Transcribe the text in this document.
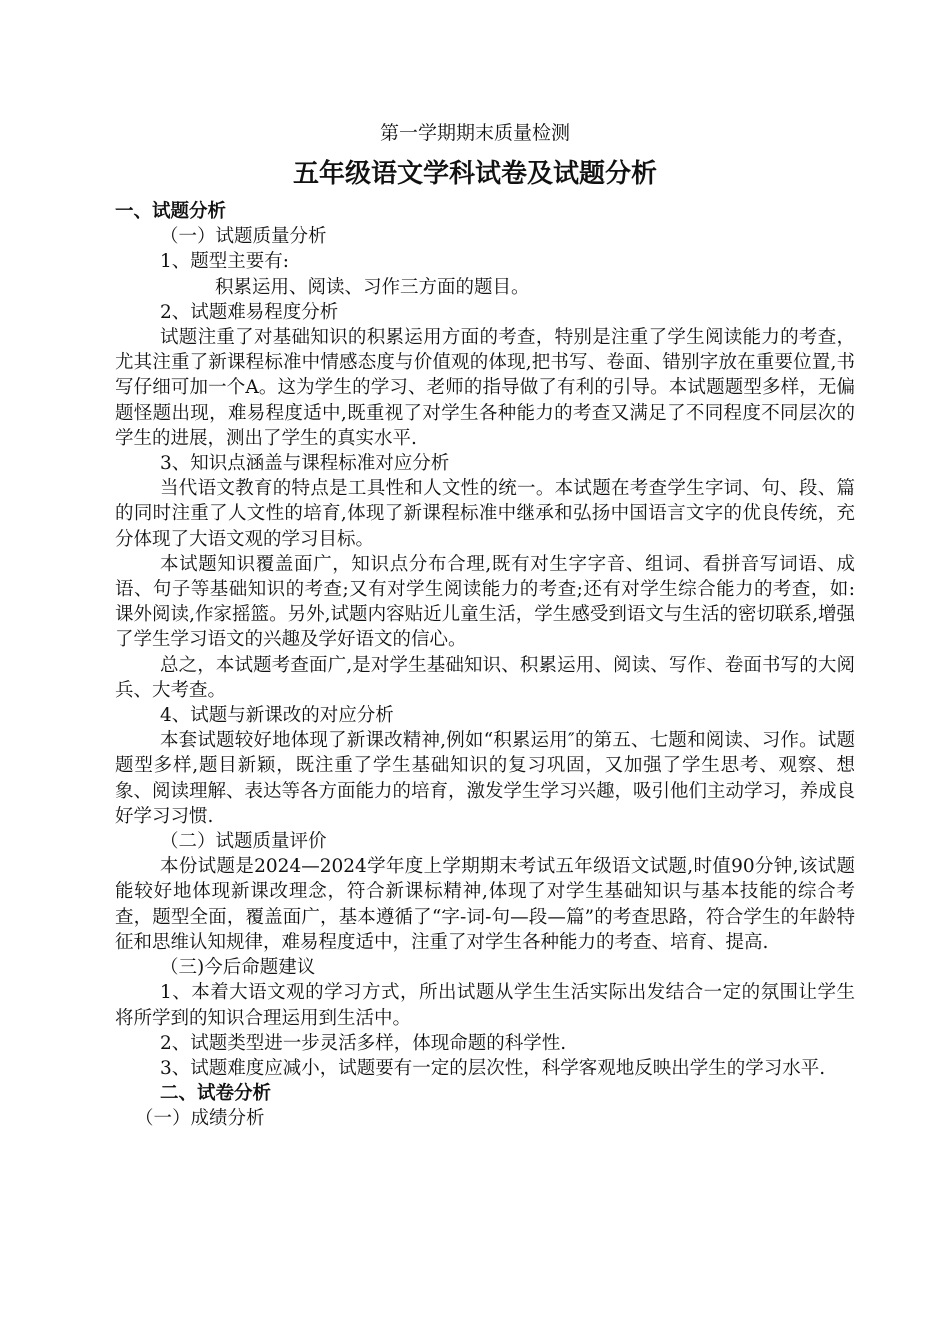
第一学期期末质量检测
五年级语文学科试卷及试题分析

一、试题分析

（一）试题质量分析

1、题型主要有:

积累运用、阅读、习作三方面的题目。

2、试题难易程度分析

试题注重了对基础知识的积累运用方面的考查，特别是注重了学生阅读能力的考查，尤其注重了新课程标准中情感态度与价值观的体现,把书写、卷面、错别字放在重要位置,书写仔细可加一个A。这为学生的学习、老师的指导做了有利的引导。本试题题型多样，无偏题怪题出现，难易程度适中,既重视了对学生各种能力的考查又满足了不同程度不同层次的学生的进展，测出了学生的真实水平.

3、知识点涵盖与课程标准对应分析

当代语文教育的特点是工具性和人文性的统一。本试题在考查学生字词、句、段、篇的同时注重了人文性的培育,体现了新课程标准中继承和弘扬中国语言文字的优良传统，充分体现了大语文观的学习目标。

本试题知识覆盖面广，知识点分布合理,既有对生字字音、组词、看拼音写词语、成语、句子等基础知识的考查;又有对学生阅读能力的考查;还有对学生综合能力的考查，如:课外阅读,作家摇篮。另外,试题内容贴近儿童生活，学生感受到语文与生活的密切联系,增强了学生学习语文的兴趣及学好语文的信心。

总之，本试题考查面广,是对学生基础知识、积累运用、阅读、写作、卷面书写的大阅兵、大考查。

4、试题与新课改的对应分析

本套试题较好地体现了新课改精神,例如“积累运用″的第五、七题和阅读、习作。试题题型多样,题目新颖，既注重了学生基础知识的复习巩固，又加强了学生思考、观察、想象、阅读理解、表达等各方面能力的培育，激发学生学习兴趣，吸引他们主动学习，养成良好学习习惯.

（二）试题质量评价

本份试题是2024—2024学年度上学期期末考试五年级语文试题,时值90分钟,该试题能较好地体现新课改理念，符合新课标精神,体现了对学生基础知识与基本技能的综合考查，题型全面，覆盖面广，基本遵循了“字-词-句—段—篇”的考查思路，符合学生的年龄特征和思维认知规律，难易程度适中，注重了对学生各种能力的考查、培育、提高.

（三)今后命题建议

1、本着大语文观的学习方式，所出试题从学生生活实际出发结合一定的氛围让学生将所学到的知识合理运用到生活中。

2、试题类型进一步灵活多样，体现命题的科学性.

3、试题难度应减小，试题要有一定的层次性，科学客观地反映出学生的学习水平.

二、试卷分析

（一）成绩分析
